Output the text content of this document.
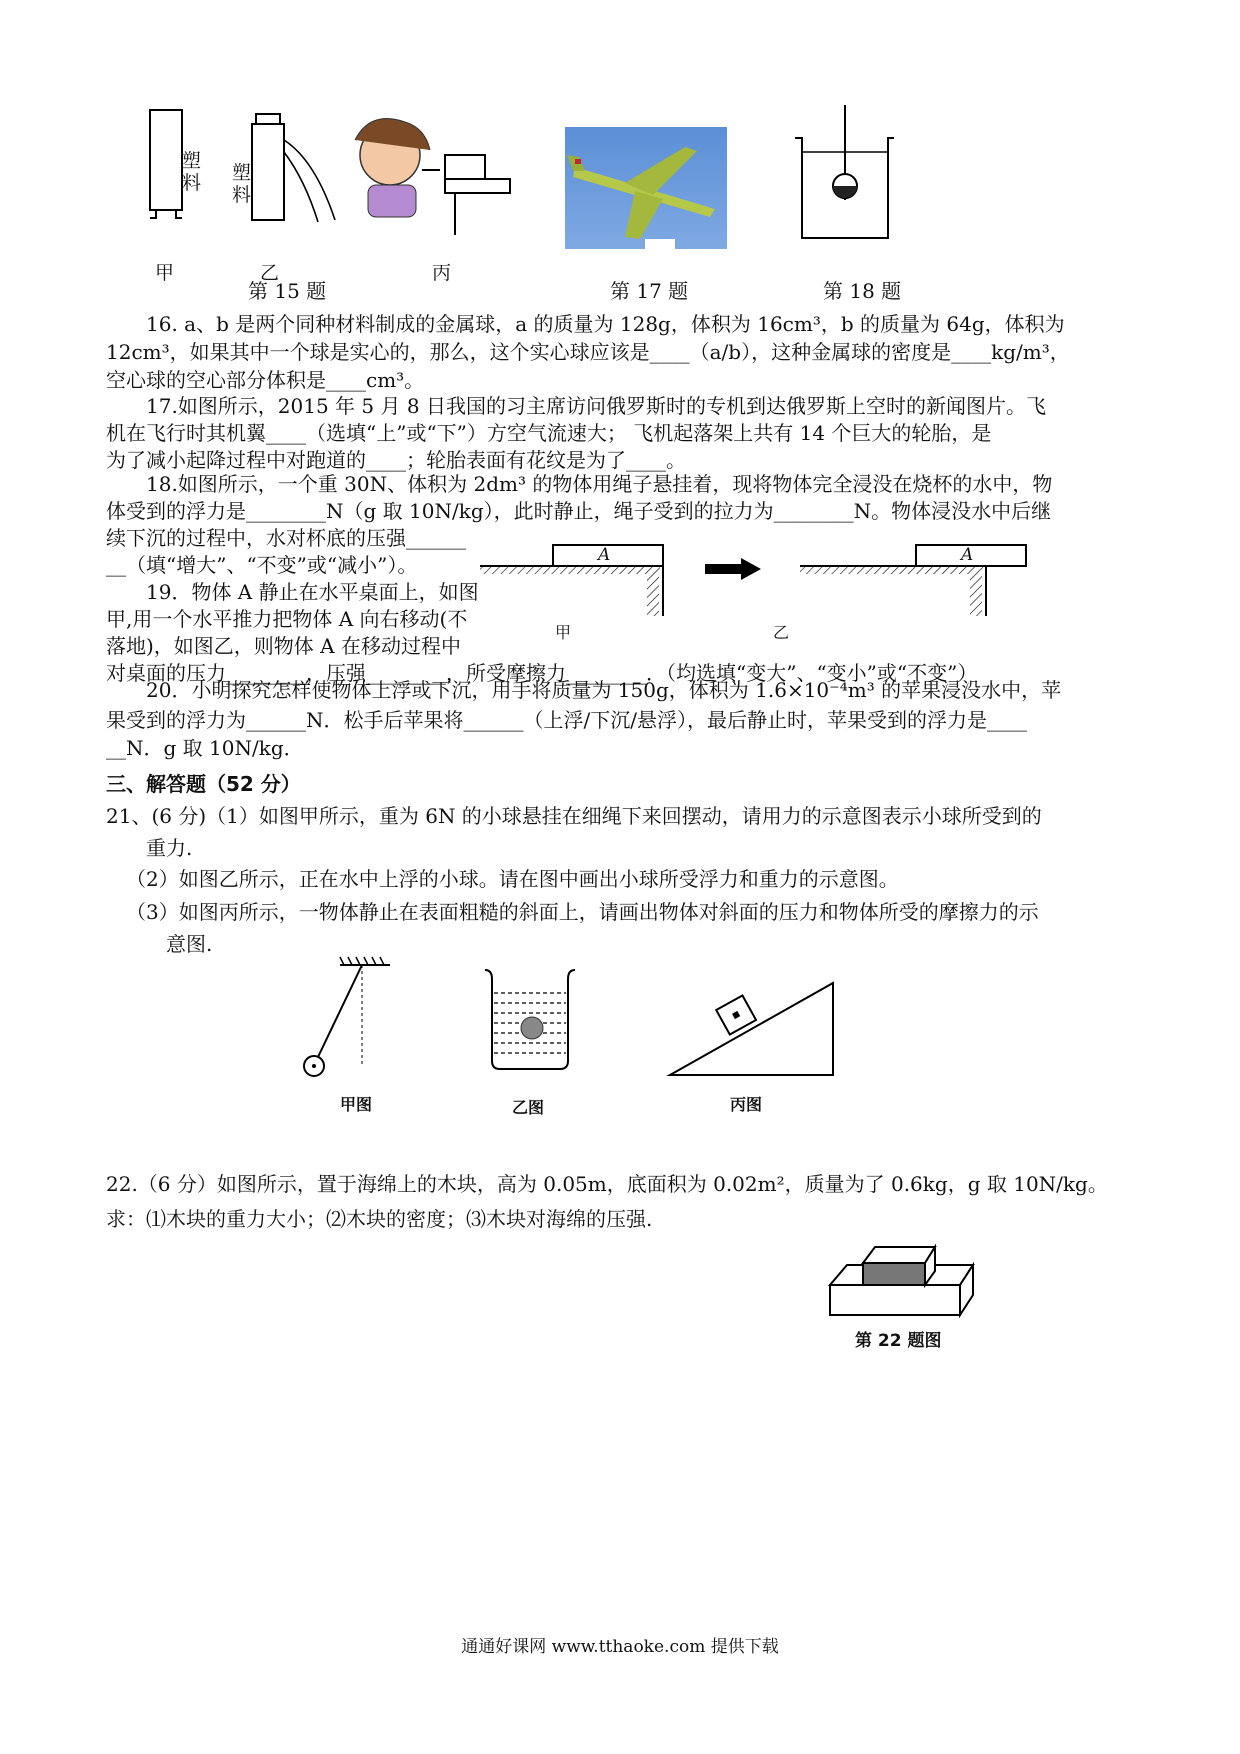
塑料 塑料
甲	乙	丙
第 15 题	第 17 题	第 18 题
16. a、b 是两个同种材料制成的金属球，a 的质量为 128g，体积为 16cm³，b 的质量为 64g，体积为
12cm³，如果其中一个球是实心的，那么，这个实心球应该是____（a/b），这种金属球的密度是____kg/m³，
空心球的空心部分体积是____cm³。
17.如图所示，2015 年 5 月 8 日我国的习主席访问俄罗斯时的专机到达俄罗斯上空时的新闻图片。飞
机在飞行时其机翼____（选填“上”或“下”）方空气流速大； 飞机起落架上共有 14 个巨大的轮胎，是
为了减小起降过程中对跑道的____；轮胎表面有花纹是为了____。
18.如图所示，一个重 30N、体积为 2dm³ 的物体用绳子悬挂着，现将物体完全浸没在烧杯的水中，物
体受到的浮力是________N（g 取 10N/kg），此时静止，绳子受到的拉力为________N。物体浸没水中后继
续下沉的过程中，水对杯底的压强______
__（填“增大”、“不变”或“减小”）。
19．物体 A 静止在水平桌面上，如图
甲,用一个水平推力把物体 A 向右移动(不
落地)，如图乙，则物体 A 在移动过程中
对桌面的压力________，压强________，所受摩擦力________．（均选填“变大”、“变小”或“不变”）
A	A
甲	乙
20．小明探究怎样使物体上浮或下沉，用手将质量为 150g，体积为 1.6×10⁻⁴m³ 的苹果浸没水中，苹
果受到的浮力为______N．松手后苹果将______（上浮/下沉/悬浮），最后静止时，苹果受到的浮力是____
__N．g 取 10N/kg．
三、解答题（52 分）
21、(6 分)（1）如图甲所示，重为 6N 的小球悬挂在细绳下来回摆动，请用力的示意图表示小球所受到的
重力.
（2）如图乙所示，正在水中上浮的小球。请在图中画出小球所受浮力和重力的示意图。
（3）如图丙所示，一物体静止在表面粗糙的斜面上，请画出物体对斜面的压力和物体所受的摩擦力的示
意图.
甲图	乙图	丙图
22.（6 分）如图所示，置于海绵上的木块，高为 0.05m，底面积为 0.02m²，质量为了 0.6kg，g 取 10N/kg。
求：⑴木块的重力大小；⑵木块的密度；⑶木块对海绵的压强.
第 22 题图
通通好课网 www.tthaoke.com 提供下载
